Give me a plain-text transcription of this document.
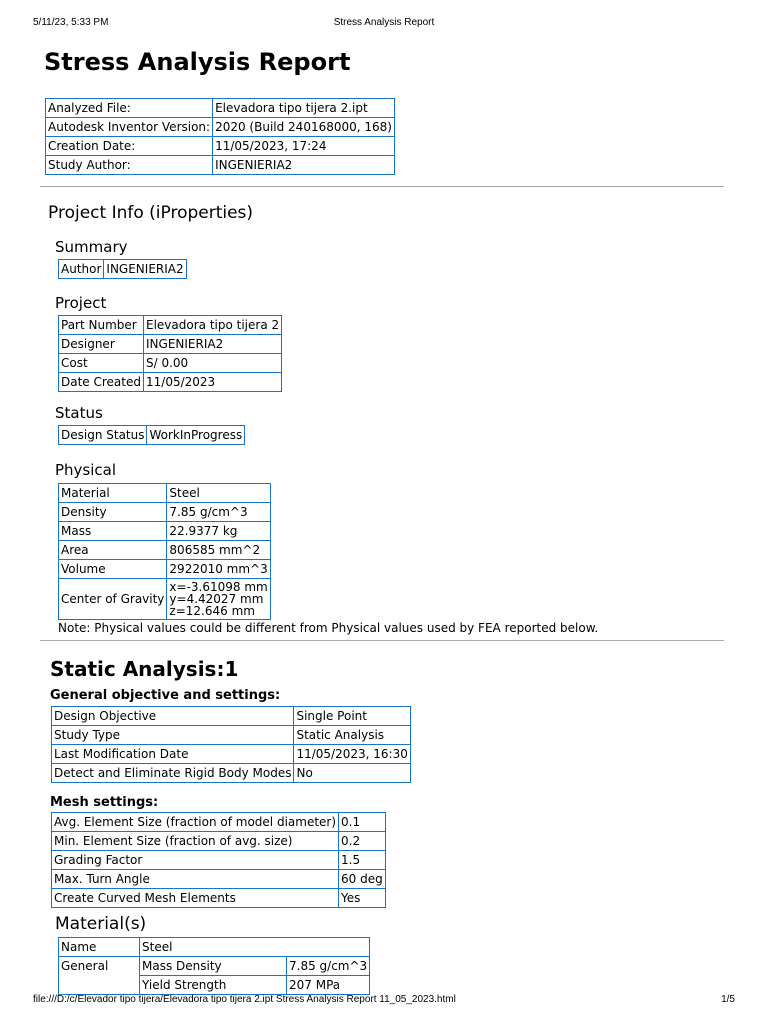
5/11/23, 5:33 PM	Stress Analysis Report
Stress Analysis Report
Analyzed File:	Elevadora tipo tijera 2.ipt
Autodesk Inventor Version:	2020 (Build 240168000, 168)
Creation Date:	11/05/2023, 17:24
Study Author:	INGENIERIA2
Project Info (iProperties)
Summary
Author	INGENIERIA2
Project
Part Number	Elevadora tipo tijera 2
Designer	INGENIERIA2
Cost	S/ 0.00
Date Created	11/05/2023
Status
Design Status	WorkInProgress
Physical
Material	Steel
Density	7.85 g/cm^3
Mass	22.9377 kg
Area	806585 mm^2
Volume	2922010 mm^3
Center of Gravity	x=-3.61098 mm
y=4.42027 mm
z=12.646 mm
Note: Physical values could be different from Physical values used by FEA reported below.
Static Analysis:1
General objective and settings:
Design Objective	Single Point
Study Type	Static Analysis
Last Modification Date	11/05/2023, 16:30
Detect and Eliminate Rigid Body Modes	No
Mesh settings:
Avg. Element Size (fraction of model diameter)	0.1
Min. Element Size (fraction of avg. size)	0.2
Grading Factor	1.5
Max. Turn Angle	60 deg
Create Curved Mesh Elements	Yes
Material(s)
Name	Steel	
General	Mass Density	7.85 g/cm^3
	Yield Strength	207 MPa
file:///D:/c/Elevador tipo tijera/Elevadora tipo tijera 2.ipt Stress Analysis Report 11_05_2023.html	1/5
